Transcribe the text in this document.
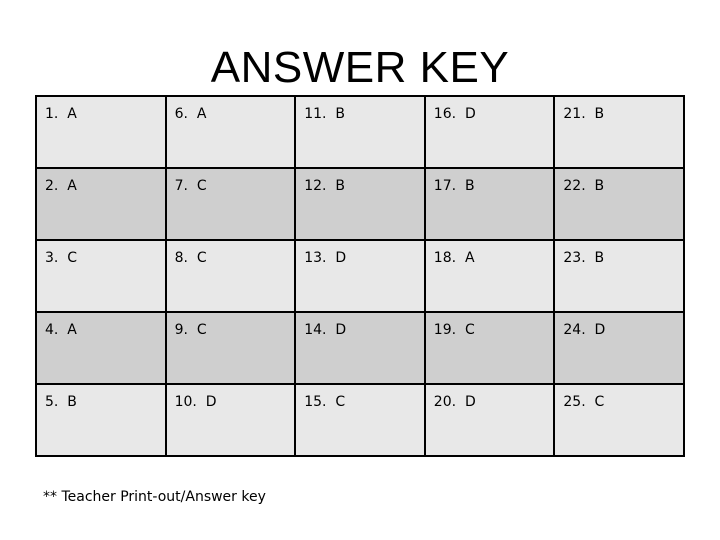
ANSWER KEY
1.  A	6.  A	11.  B	16.  D	21.  B
2.  A	7.  C	12.  B	17.  B	22.  B
3.  C	8.  C	13.  D	18.  A	23.  B
4.  A	9.  C	14.  D	19.  C	24.  D
5.  B	10.  D	15.  C	20.  D	25.  C
** Teacher Print-out/Answer key
